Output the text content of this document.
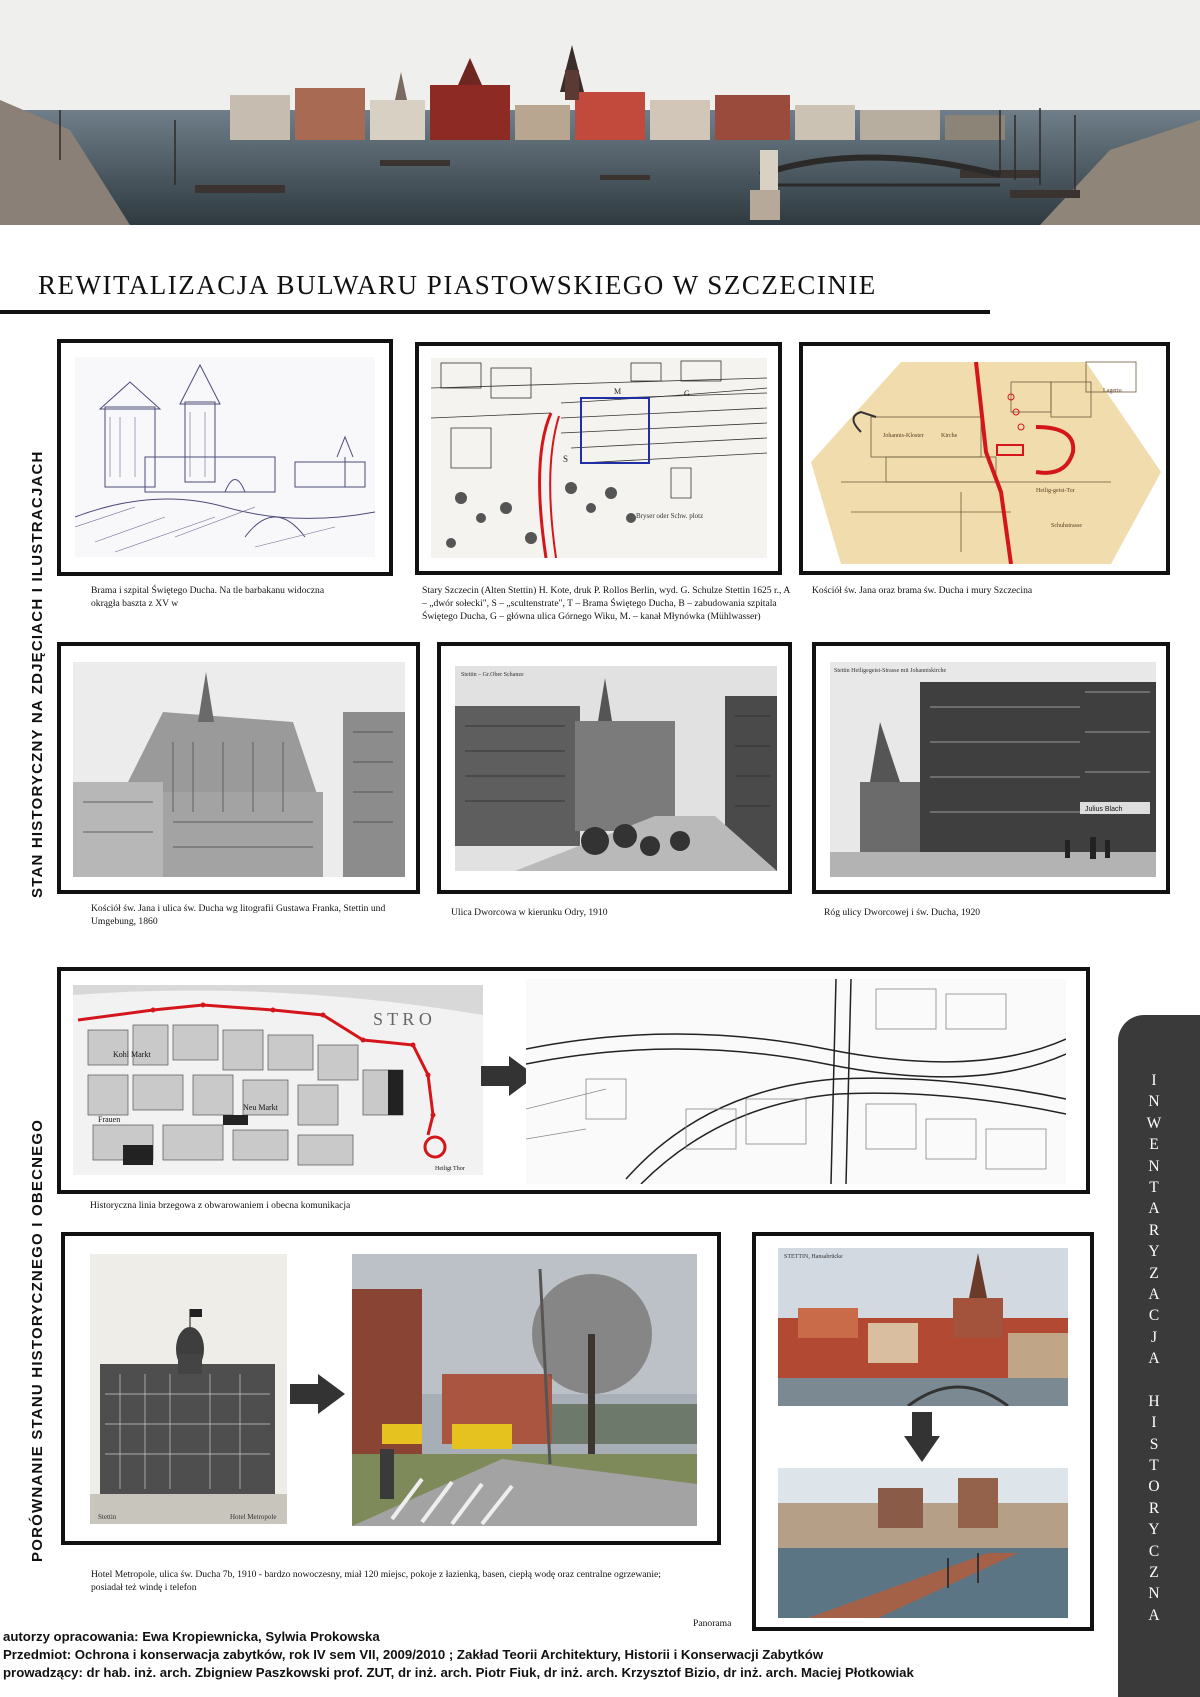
REWITALIZACJA BULWARU PIASTOWSKIEGO W SZCZECINIE
STAN HISTORYCZNY NA ZDJĘCIACH I ILUSTRACJACH
PORÓWNANIE STANU HISTORYCZNEGO I OBECNEGO
Brama i szpital Świętego Ducha. Na tle barbakanu widoczna okrągła baszta z XV w
S
M	G
Bryser oder Schw. plotz
Stary Szczecin (Alten Stettin) H. Kote, druk P. Rollos Berlin, wyd. G. Schulze Stettin 1625 r., A – „dwór sołecki", S – „scultenstrate", T – Brama Świętego Ducha, B – zabudowania szpitala Świętego Ducha, G – główna ulica Górnego Wiku, M. – kanał Młynówka (Mühlwasser)
Johannis-Kloster	Kirche
Heilig-geist-Tor
Schuhstrasse
Lagerio
Kościół św. Jana oraz brama św. Ducha i mury Szczecina
Kościół św. Jana i ulica św. Ducha wg litografii Gustawa Franka, Stettin und Umgebung, 1860
Stettin – Gr.Ober Schanze
Ulica Dworcowa w kierunku Odry, 1910
Julius Blach
Stettin Heiligegeist-Strasse mit Johanniskirche
Róg ulicy Dworcowej i św. Ducha, 1920
S T R O
Kohl Markt
Neu Markt
Frauen
Heiligt Thor
Historyczna linia brzegowa z obwarowaniem i obecna komunikacja
Stettin	Hotel Metropole
Hotel Metropole, ulica św. Ducha 7b, 1910 - bardzo nowoczesny, miał 120 miejsc, pokoje z łazienką, basen, ciepłą wodę oraz centralne ogrzewanie; posiadał też windę i telefon
STETTIN, Hansabrücke
Panorama
I
N
W
E
N
T
A
R
Y
Z
A
C
J
A
H
I
S
T
O
R
Y
C
Z
N
A
autorzy opracowania: Ewa Kropiewnicka, Sylwia Prokowska
Przedmiot: Ochrona i konserwacja zabytków, rok IV sem VII, 2009/2010 ; Zakład Teorii Architektury, Historii i Konserwacji Zabytków
prowadzący: dr hab. inż. arch. Zbigniew Paszkowski prof. ZUT, dr inż. arch. Piotr Fiuk, dr inż. arch. Krzysztof Bizio, dr inż. arch. Maciej Płotkowiak
